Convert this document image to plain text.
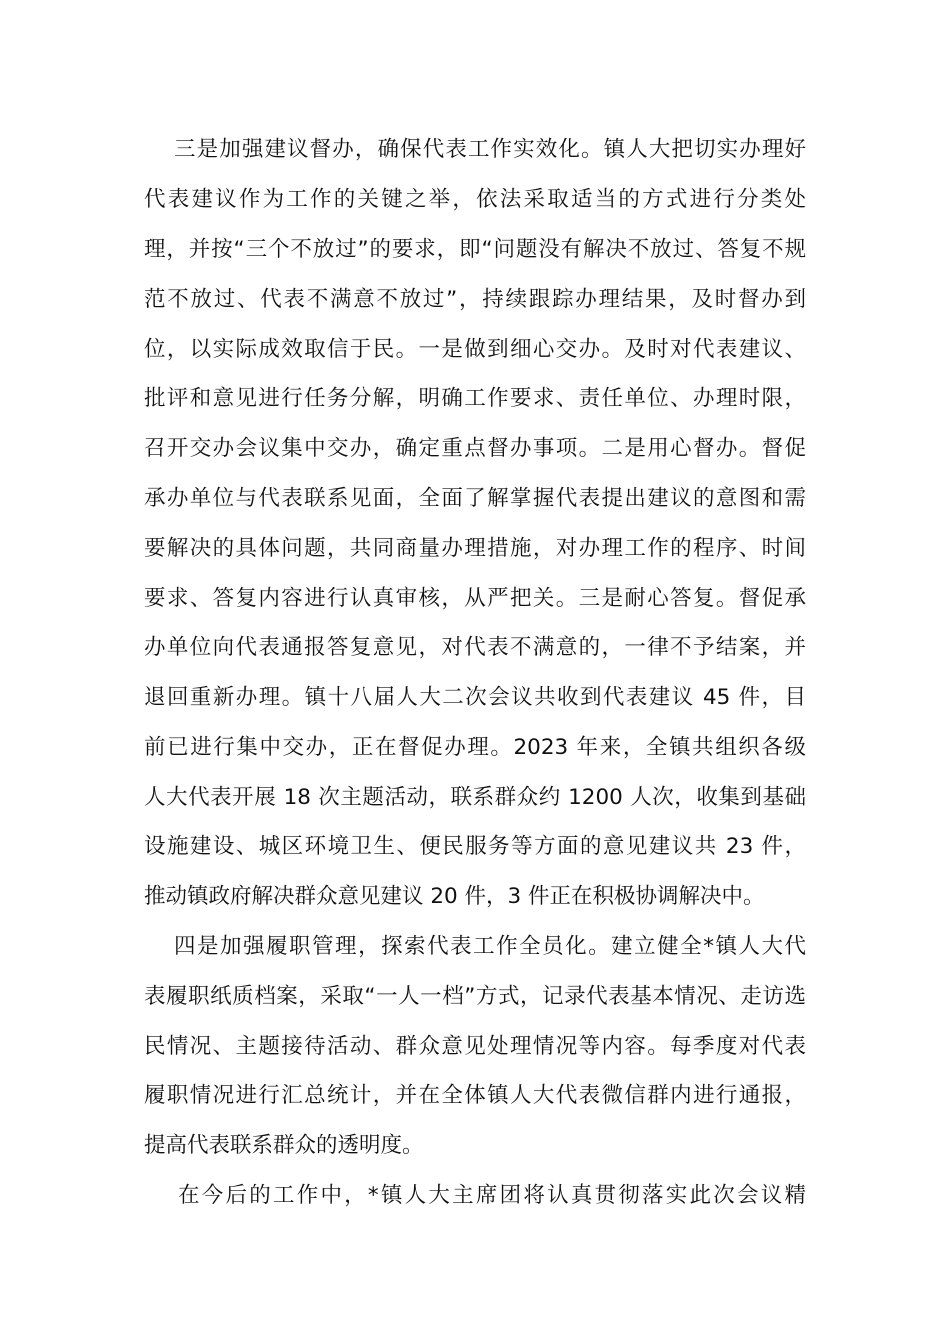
三是加强建议督办，确保代表工作实效化。镇人大把切实办理好
代表建议作为工作的关键之举，依法采取适当的方式进行分类处
理，并按“三个不放过”的要求，即“问题没有解决不放过、答复不规
范不放过、代表不满意不放过”，持续跟踪办理结果，及时督办到
位，以实际成效取信于民。一是做到细心交办。及时对代表建议、
批评和意见进行任务分解，明确工作要求、责任单位、办理时限，
召开交办会议集中交办，确定重点督办事项。二是用心督办。督促
承办单位与代表联系见面，全面了解掌握代表提出建议的意图和需
要解决的具体问题，共同商量办理措施，对办理工作的程序、时间
要求、答复内容进行认真审核，从严把关。三是耐心答复。督促承
办单位向代表通报答复意见，对代表不满意的，一律不予结案，并
退回重新办理。镇十八届人大二次会议共收到代表建议 45 件，目
前已进行集中交办，正在督促办理。2023 年来，全镇共组织各级
人大代表开展 18 次主题活动，联系群众约 1200 人次，收集到基础
设施建设、城区环境卫生、便民服务等方面的意见建议共 23 件，
推动镇政府解决群众意见建议 20 件，3 件正在积极协调解决中。
四是加强履职管理，探索代表工作全员化。建立健全*镇人大代
表履职纸质档案，采取“一人一档”方式，记录代表基本情况、走访选
民情况、主题接待活动、群众意见处理情况等内容。每季度对代表
履职情况进行汇总统计，并在全体镇人大代表微信群内进行通报，
提高代表联系群众的透明度。
在今后的工作中，*镇人大主席团将认真贯彻落实此次会议精
